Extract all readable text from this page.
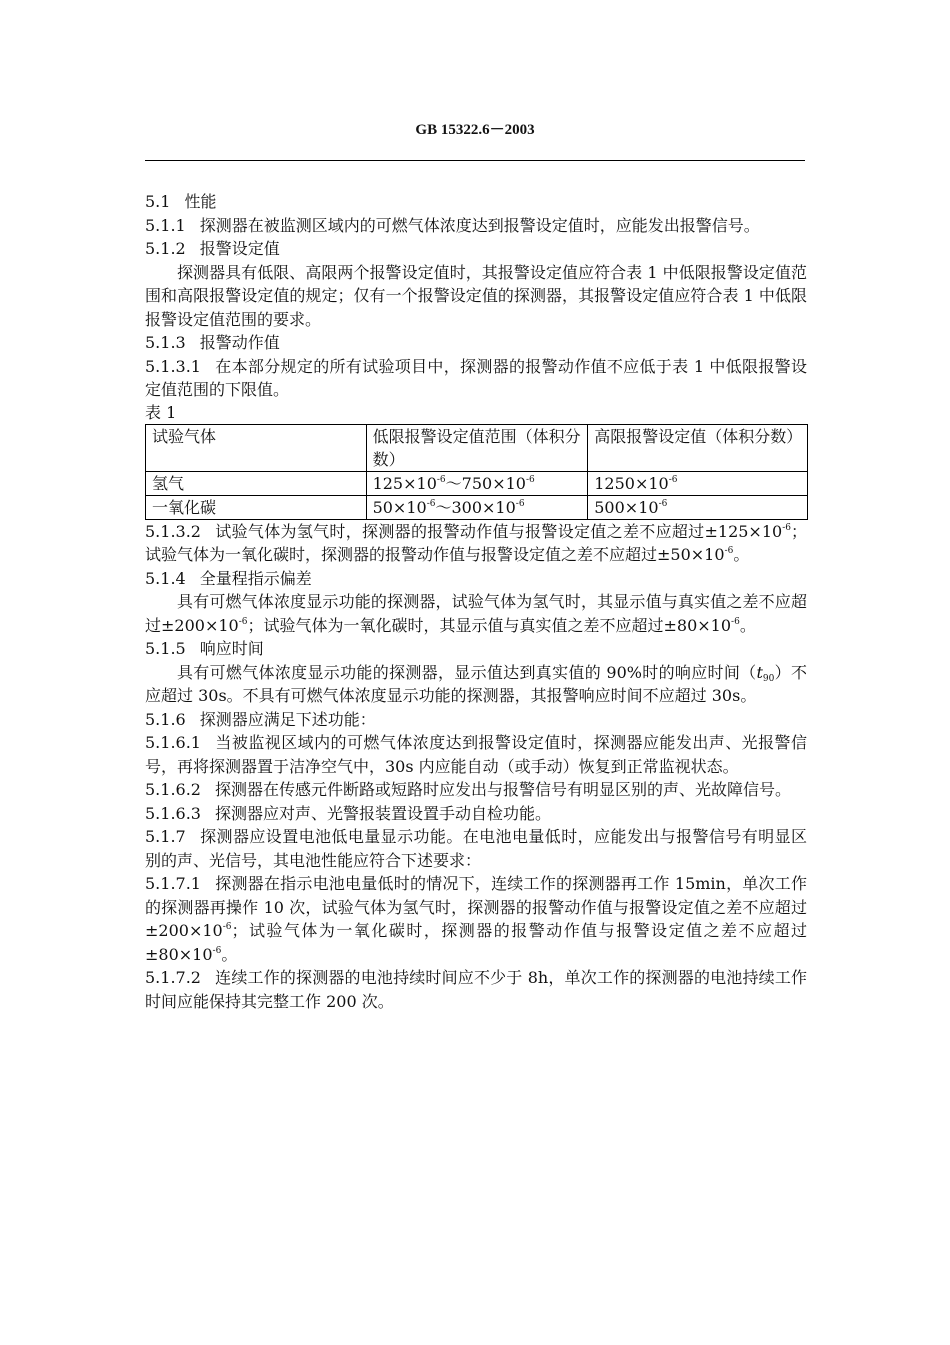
GB 15322.6－2003

5.1 性能

5.1.1 探测器在被监测区域内的可燃气体浓度达到报警设定值时，应能发出报警信号。

5.1.2 报警设定值

探测器具有低限、高限两个报警设定值时，其报警设定值应符合表 1 中低限报警设定值范围和高限报警设定值的规定；仅有一个报警设定值的探测器，其报警设定值应符合表 1 中低限报警设定值范围的要求。

5.1.3 报警动作值

5.1.3.1 在本部分规定的所有试验项目中，探测器的报警动作值不应低于表 1 中低限报警设定值范围的下限值。

表 1

试验气体	低限报警设定值范围（体积分数）	高限报警设定值（体积分数）
氢气	$125\times 10^{-6}\sim 750\times 10^{-6}$	$1250\times 10^{-6}$
一氧化碳	$50\times 10^{-6}\sim 300\times 10^{-6}$	$500\times 10^{-6}$

5.1.3.2 试验气体为氢气时，探测器的报警动作值与报警设定值之差不应超过$\pm 125\times 10^{-6}$；试验气体为一氧化碳时，探测器的报警动作值与报警设定值之差不应超过$\pm 50\times 10^{-6}$。

5.1.4 全量程指示偏差

具有可燃气体浓度显示功能的探测器，试验气体为氢气时，其显示值与真实值之差不应超过$\pm 200\times 10^{-6}$；试验气体为一氧化碳时，其显示值与真实值之差不应超过$\pm 80\times 10^{-6}$。

5.1.5 响应时间

具有可燃气体浓度显示功能的探测器，显示值达到真实值的 90%时的响应时间$(t_{90})$不应超过 30s。不具有可燃气体浓度显示功能的探测器，其报警响应时间不应超过 30s。

5.1.6 探测器应满足下述功能：

5.1.6.1 当被监视区域内的可燃气体浓度达到报警设定值时，探测器应能发出声、光报警信号，再将探测器置于洁净空气中，30s 内应能自动（或手动）恢复到正常监视状态。

5.1.6.2 探测器在传感元件断路或短路时应发出与报警信号有明显区别的声、光故障信号。

5.1.6.3 探测器应对声、光警报装置设置手动自检功能。

5.1.7 探测器应设置电池低电量显示功能。在电池电量低时，应能发出与报警信号有明显区别的声、光信号，其电池性能应符合下述要求：

5.1.7.1 探测器在指示电池电量低时的情况下，连续工作的探测器再工作 15min，单次工作的探测器再操作 10 次，试验气体为氢气时，探测器的报警动作值与报警设定值之差不应超过$\pm 200\times 10^{-6}$；试验气体为一氧化碳时，探测器的报警动作值与报警设定值之差不应超过$\pm 80\times 10^{-6}$。

5.1.7.2 连续工作的探测器的电池持续时间应不少于 8h，单次工作的探测器的电池持续工作时间应能保持其完整工作 200 次。
